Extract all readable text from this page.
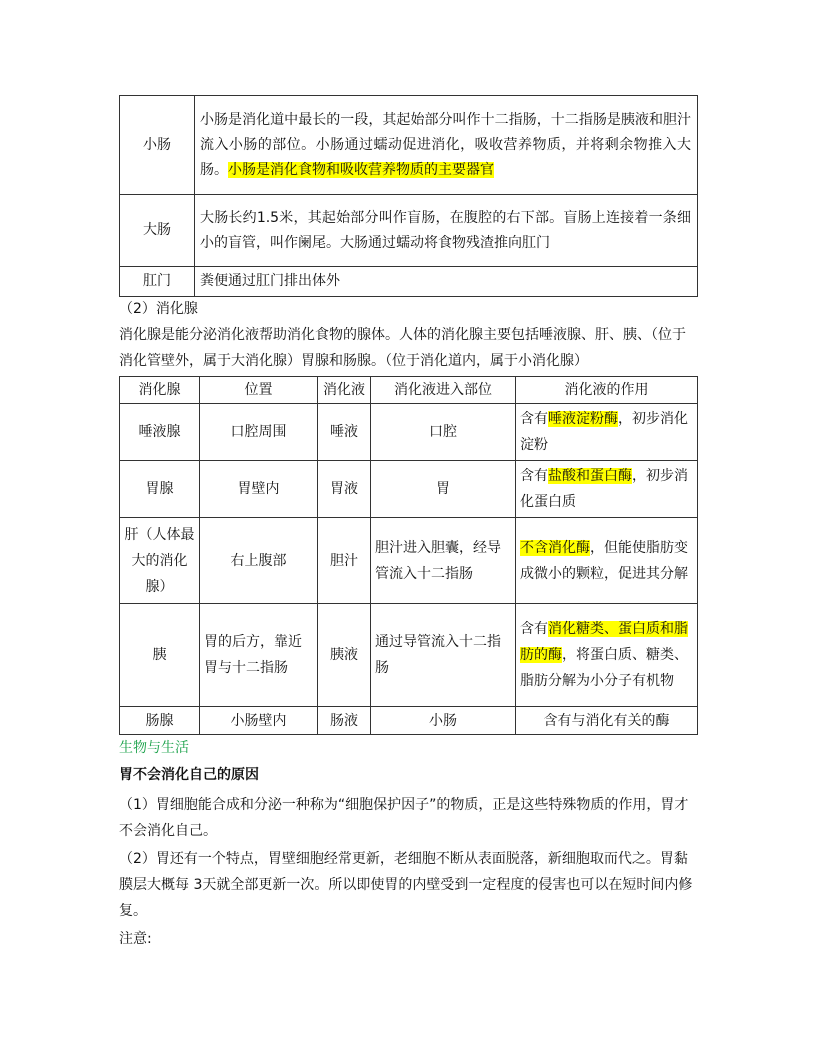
小肠	小肠是消化道中最长的一段，其起始部分叫作十二指肠，十二指肠是胰液和胆汁流入小肠的部位。小肠通过蠕动促进消化，吸收营养物质，并将剩余物推入大肠。小肠是消化食物和吸收营养物质的主要器官
大肠	大肠长约1.5米，其起始部分叫作盲肠，在腹腔的右下部。盲肠上连接着一条细小的盲管，叫作阑尾。大肠通过蠕动将食物残渣推向肛门
肛门	粪便通过肛门排出体外

（2）消化腺

消化腺是能分泌消化液帮助消化食物的腺体。人体的消化腺主要包括唾液腺、肝、胰、（位于消化管壁外，属于大消化腺）胃腺和肠腺。（位于消化道内，属于小消化腺）

消化腺	位置	消化液	消化液进入部位	消化液的作用
唾液腺	口腔周围	唾液	口腔	含有唾液淀粉酶，初步消化淀粉
胃腺	胃壁内	胃液	胃	含有盐酸和蛋白酶，初步消化蛋白质
肝（人体最大的消化腺）	右上腹部	胆汁	胆汁进入胆囊，经导管流入十二指肠	不含消化酶，但能使脂肪变成微小的颗粒，促进其分解
胰	胃的后方，靠近胃与十二指肠	胰液	通过导管流入十二指肠	含有消化糖类、蛋白质和脂肪的酶，将蛋白质、糖类、脂肪分解为小分子有机物
肠腺	小肠壁内	肠液	小肠	含有与消化有关的酶

生物与生活

胃不会消化自己的原因

（1）胃细胞能合成和分泌一种称为“细胞保护因子”的物质，正是这些特殊物质的作用，胃才不会消化自己。

（2）胃还有一个特点，胃壁细胞经常更新，老细胞不断从表面脱落，新细胞取而代之。胃黏膜层大概每 3天就全部更新一次。所以即使胃的内壁受到一定程度的侵害也可以在短时间内修复。

注意:
